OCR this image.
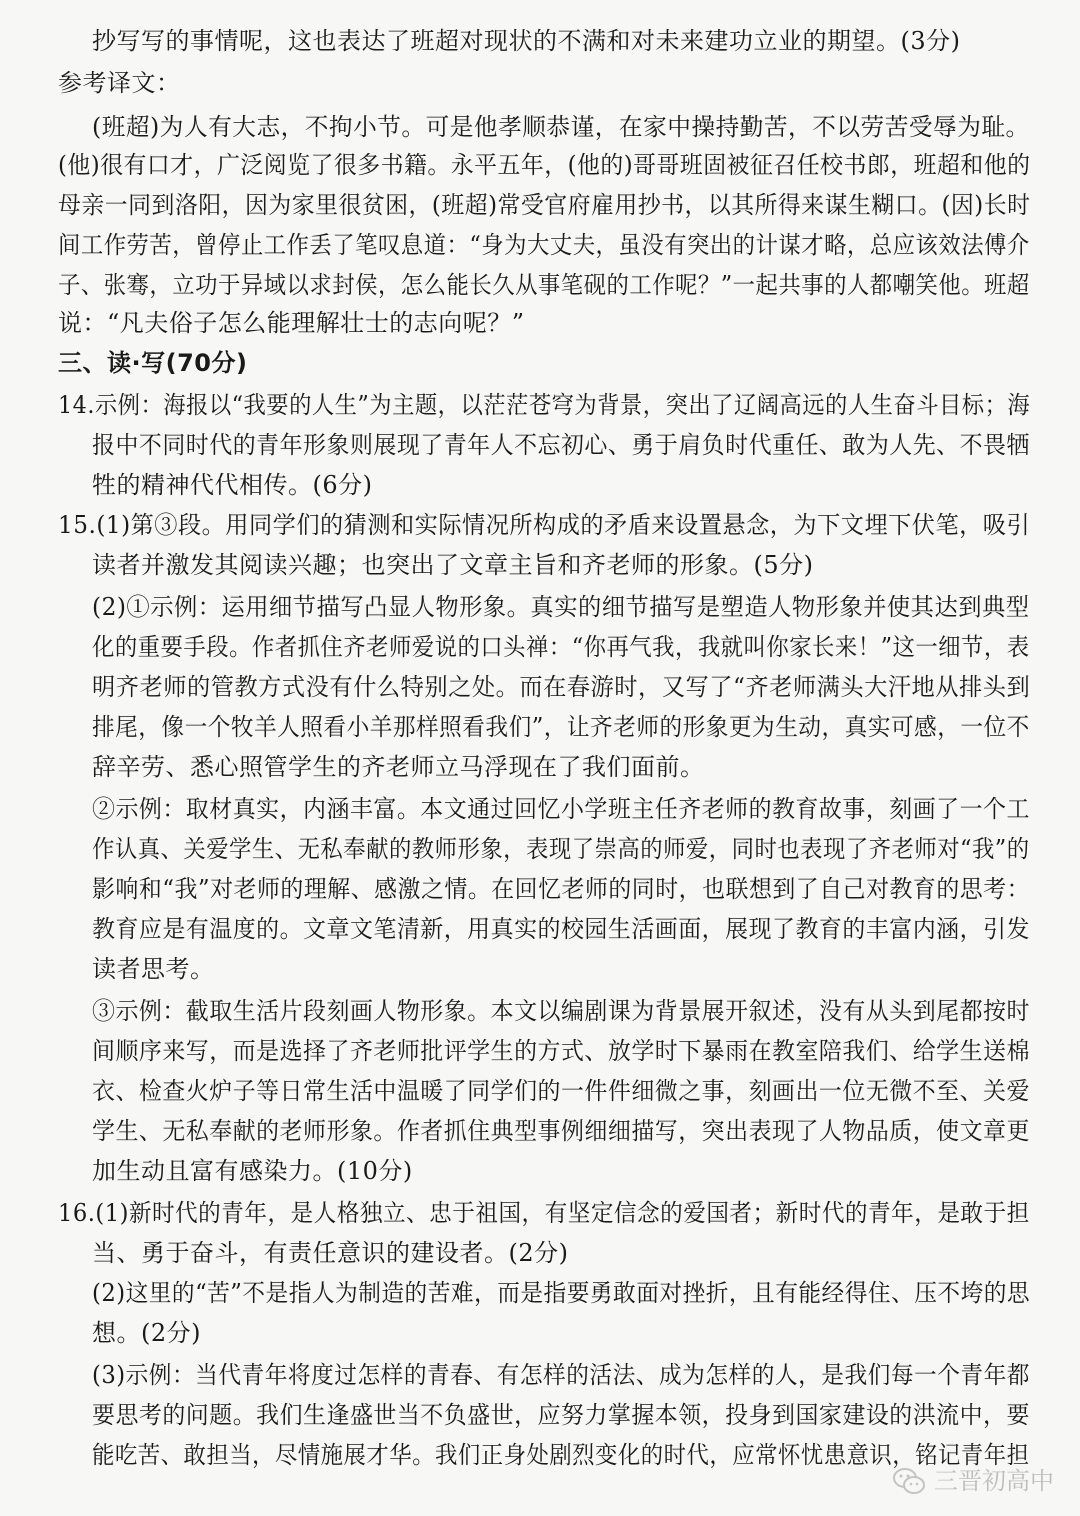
抄写写的事情呢，这也表达了班超对现状的不满和对未来建功立业的期望。(3分)
参考译文：
(班超)为人有大志，不拘小节。可是他孝顺恭谨，在家中操持勤苦，不以劳苦受辱为耻。
(他)很有口才，广泛阅览了很多书籍。永平五年，(他的)哥哥班固被征召任校书郎，班超和他的
母亲一同到洛阳，因为家里很贫困，(班超)常受官府雇用抄书，以其所得来谋生糊口。(因)长时
间工作劳苦，曾停止工作丢了笔叹息道：“身为大丈夫，虽没有突出的计谋才略，总应该效法傅介
子、张骞，立功于异域以求封侯，怎么能长久从事笔砚的工作呢？”一起共事的人都嘲笑他。班超
说：“凡夫俗子怎么能理解壮士的志向呢？”
三、读·写(70分)
14.示例：海报以“我要的人生”为主题，以茫茫苍穹为背景，突出了辽阔高远的人生奋斗目标；海
报中不同时代的青年形象则展现了青年人不忘初心、勇于肩负时代重任、敢为人先、不畏牺
牲的精神代代相传。(6分)
15.(1)第③段。用同学们的猜测和实际情况所构成的矛盾来设置悬念，为下文埋下伏笔，吸引
读者并激发其阅读兴趣；也突出了文章主旨和齐老师的形象。(5分)
(2)①示例：运用细节描写凸显人物形象。真实的细节描写是塑造人物形象并使其达到典型
化的重要手段。作者抓住齐老师爱说的口头禅：“你再气我，我就叫你家长来！”这一细节，表
明齐老师的管教方式没有什么特别之处。而在春游时，又写了“齐老师满头大汗地从排头到
排尾，像一个牧羊人照看小羊那样照看我们”，让齐老师的形象更为生动，真实可感，一位不
辞辛劳、悉心照管学生的齐老师立马浮现在了我们面前。
②示例：取材真实，内涵丰富。本文通过回忆小学班主任齐老师的教育故事，刻画了一个工
作认真、关爱学生、无私奉献的教师形象，表现了崇高的师爱，同时也表现了齐老师对“我”的
影响和“我”对老师的理解、感激之情。在回忆老师的同时，也联想到了自己对教育的思考：
教育应是有温度的。文章文笔清新，用真实的校园生活画面，展现了教育的丰富内涵，引发
读者思考。
③示例：截取生活片段刻画人物形象。本文以编剧课为背景展开叙述，没有从头到尾都按时
间顺序来写，而是选择了齐老师批评学生的方式、放学时下暴雨在教室陪我们、给学生送棉
衣、检查火炉子等日常生活中温暖了同学们的一件件细微之事，刻画出一位无微不至、关爱
学生、无私奉献的老师形象。作者抓住典型事例细细描写，突出表现了人物品质，使文章更
加生动且富有感染力。(10分)
16.(1)新时代的青年，是人格独立、忠于祖国，有坚定信念的爱国者；新时代的青年，是敢于担
当、勇于奋斗，有责任意识的建设者。(2分)
(2)这里的“苦”不是指人为制造的苦难，而是指要勇敢面对挫折，且有能经得住、压不垮的思
想。(2分)
(3)示例：当代青年将度过怎样的青春、有怎样的活法、成为怎样的人，是我们每一个青年都
要思考的问题。我们生逢盛世当不负盛世，应努力掌握本领，投身到国家建设的洪流中，要
能吃苦、敢担当，尽情施展才华。我们正身处剧烈变化的时代，应常怀忧患意识，铭记青年担
三晋初高中
